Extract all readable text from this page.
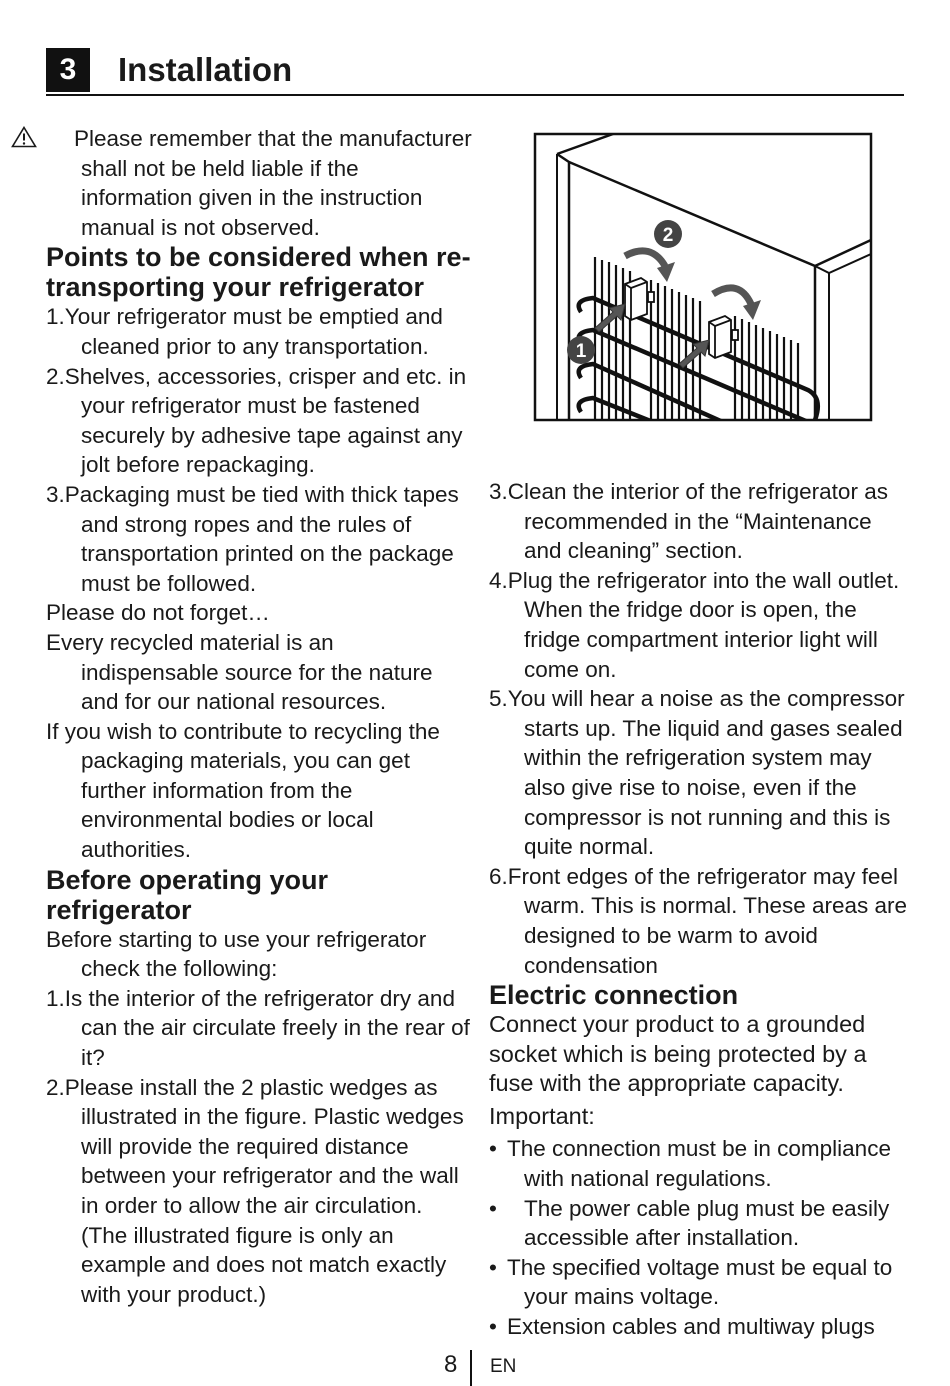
3	Installation

Please remember that the manufacturer shall not be held liable if the information given in the instruction manual is not observed.

Points to be considered when re-transporting your refrigerator

1.Your refrigerator must be emptied and cleaned prior to any transportation.

2.Shelves, accessories, crisper and etc. in your refrigerator must be fastened securely by adhesive tape against any jolt before repackaging.

3.Packaging must be tied with thick tapes and strong ropes and the rules of transportation printed on the package must be followed.

Please do not forget…

Every recycled material is an indispensable source for the nature and for our national resources.

If you wish to contribute to recycling the packaging materials, you can get further information from the environmental bodies or local authorities.

Before operating your refrigerator

Before starting to use your refrigerator check the following:

1.Is the interior of the refrigerator dry and can the air circulate freely in the rear of it?

2.Please install the 2 plastic wedges as illustrated in the figure. Plastic wedges will provide the required distance between your refrigerator and the wall in order to allow the air circulation. (The illustrated figure is only an example and does not match exactly with your product.)

2
1

3.Clean the interior of the refrigerator as recommended in the “Maintenance and cleaning” section.

4.Plug the refrigerator into the wall outlet. When the fridge door is open, the fridge compartment interior light will come on.

5.You will hear a noise as the compressor starts up. The liquid and gases sealed within the refrigeration system may also give rise to noise, even if the compressor is not running and this is quite normal.

6.Front edges of the refrigerator may feel warm. This is normal. These areas are designed to be warm to avoid condensation

Electric connection

Connect your product to a grounded socket which is being protected by a fuse with the appropriate capacity.

Important:

• The connection must be in compliance with national regulations.
• The power cable plug must be easily accessible after installation.
• The specified voltage must be equal to your mains voltage.
• Extension cables and multiway plugs
8 EN
